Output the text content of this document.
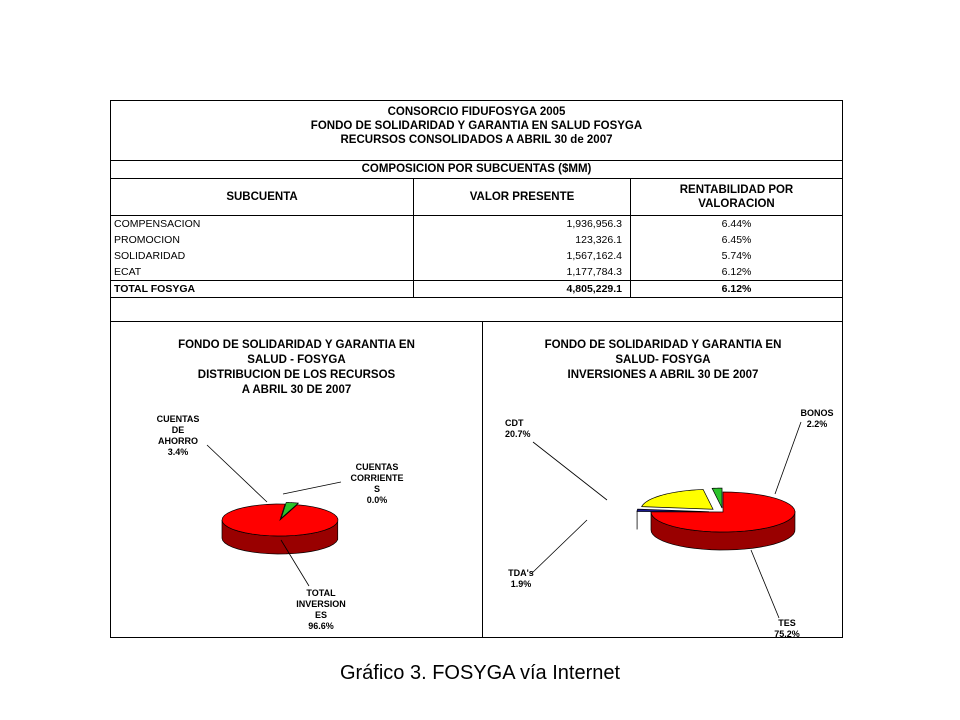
CONSORCIO FIDUFOSYGA 2005
FONDO DE SOLIDARIDAD Y GARANTIA EN SALUD FOSYGA
RECURSOS CONSOLIDADOS A ABRIL 30 de 2007
COMPOSICION POR SUBCUENTAS ($MM)
SUBCUENTA	VALOR PRESENTE	RENTABILIDAD POR VALORACION
COMPENSACION	1,936,956.3	6.44%
PROMOCION	123,326.1	6.45%
SOLIDARIDAD	1,567,162.4	5.74%
ECAT	1,177,784.3	6.12%
TOTAL FOSYGA	4,805,229.1	6.12%
FONDO DE SOLIDARIDAD Y GARANTIA EN
SALUD - FOSYGA
DISTRIBUCION DE LOS RECURSOS
A ABRIL 30 DE 2007
CUENTAS
DE
AHORRO
3.4%
CUENTAS
CORRIENTE
S
0.0%
TOTAL
INVERSION
ES
96.6%
FONDO DE SOLIDARIDAD Y GARANTIA EN
SALUD- FOSYGA
INVERSIONES A ABRIL 30 DE 2007
CDT
20.7%
BONOS
2.2%
TDA's
1.9%
TES
75.2%
Gráfico 3. FOSYGA vía Internet
